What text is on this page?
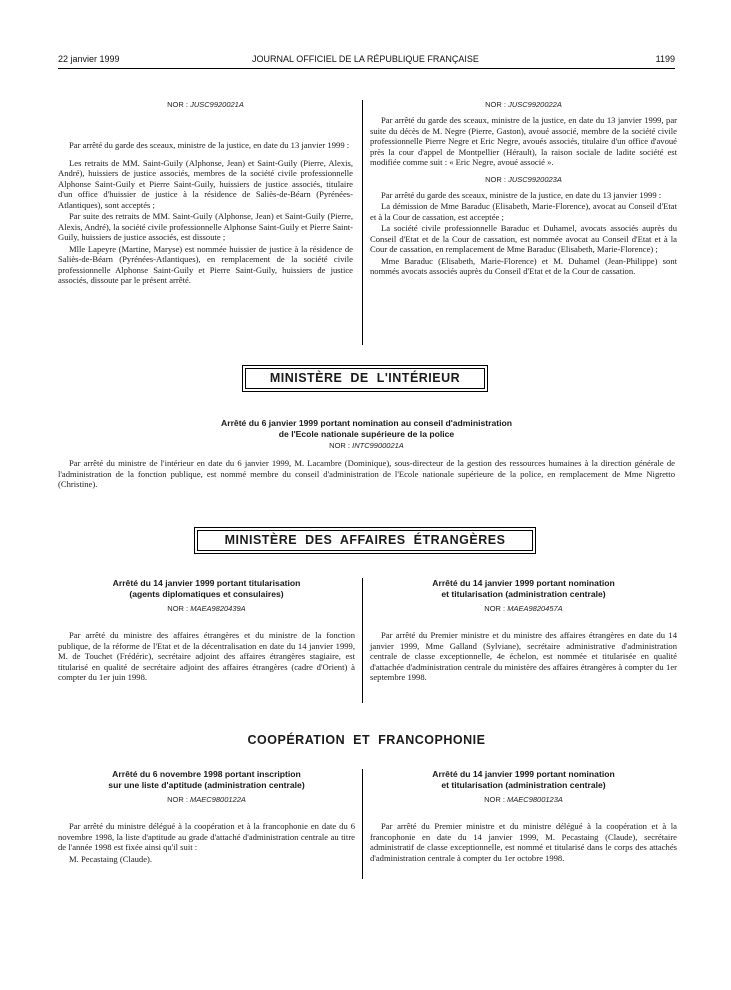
22 janvier 1999	JOURNAL OFFICIEL DE LA RÉPUBLIQUE FRANÇAISE	1199
NOR : JUSC9920021A

Par arrêté du garde des sceaux, ministre de la justice, en date du 13 janvier 1999 :

Les retraits de MM. Saint-Guily (Alphonse, Jean) et Saint-Guily (Pierre, Alexis, André), huissiers de justice associés, membres de la société civile professionnelle Alphonse Saint-Guily et Pierre Saint-Guily, huissiers de justice associés, titulaire d'un office d'huissier de justice à la résidence de Saliès-de-Béarn (Pyrénées-Atlantiques), sont acceptés ;

Par suite des retraits de MM. Saint-Guily (Alphonse, Jean) et Saint-Guily (Pierre, Alexis, André), la société civile professionnelle Alphonse Saint-Guily et Pierre Saint-Guily, huissiers de justice associés, est dissoute ;

Mlle Lapeyre (Martine, Maryse) est nommée huissier de justice à la résidence de Saliès-de-Béarn (Pyrénées-Atlantiques), en remplacement de la société civile professionnelle Alphonse Saint-Guily et Pierre Saint-Guily, huissiers de justice associés, dissoute par le présent arrêté.

NOR : JUSC9920022A

Par arrêté du garde des sceaux, ministre de la justice, en date du 13 janvier 1999, par suite du décès de M. Negre (Pierre, Gaston), avoué associé, membre de la société civile professionnelle Pierre Negre et Eric Negre, avoués associés, titulaire d'un office d'avoué près la cour d'appel de Montpellier (Hérault), la raison sociale de ladite société est modifiée comme suit : « Eric Negre, avoué associé ».

NOR : JUSC9920023A

Par arrêté du garde des sceaux, ministre de la justice, en date du 13 janvier 1999 :

La démission de Mme Baraduc (Elisabeth, Marie-Florence), avocat au Conseil d'Etat et à la Cour de cassation, est acceptée ;

La société civile professionnelle Baraduc et Duhamel, avocats associés auprès du Conseil d'Etat et de la Cour de cassation, est nommée avocat au Conseil d'Etat et à la Cour de cassation, en remplacement de Mme Baraduc (Elisabeth, Marie-Florence) ;

Mme Baraduc (Elisabeth, Marie-Florence) et M. Duhamel (Jean-Philippe) sont nommés avocats associés auprès du Conseil d'Etat et de la Cour de cassation.

MINISTÈRE DE L'INTÉRIEUR
Arrêté du 6 janvier 1999 portant nomination au conseil d'administration
de l'Ecole nationale supérieure de la police
NOR : INTC9900021A

Par arrêté du ministre de l'intérieur en date du 6 janvier 1999, M. Lacambre (Dominique), sous-directeur de la gestion des ressources humaines à la direction générale de l'administration de la fonction publique, est nommé membre du conseil d'administration de l'Ecole nationale supérieure de la police, en remplacement de Mme Nigretto (Christine).

MINISTÈRE DES AFFAIRES ÉTRANGÈRES
Arrêté du 14 janvier 1999 portant titularisation
(agents diplomatiques et consulaires)
NOR : MAEA9820439A

Par arrêté du ministre des affaires étrangères et du ministre de la fonction publique, de la réforme de l'Etat et de la décentralisation en date du 14 janvier 1999, M. de Touchet (Frédéric), secrétaire adjoint des affaires étrangères stagiaire, est titularisé en qualité de secrétaire adjoint des affaires étrangères (cadre d'Orient) à compter du 1er juin 1998.

Arrêté du 14 janvier 1999 portant nomination
et titularisation (administration centrale)
NOR : MAEA9820457A

Par arrêté du Premier ministre et du ministre des affaires étrangères en date du 14 janvier 1999, Mme Galland (Sylviane), secrétaire administrative d'administration centrale de classe exceptionnelle, 4e échelon, est nommée et titularisée en qualité d'attachée d'administration centrale du ministère des affaires étrangères à compter du 1er septembre 1998.

COOPÉRATION ET FRANCOPHONIE
Arrêté du 6 novembre 1998 portant inscription
sur une liste d'aptitude (administration centrale)
NOR : MAEC9800122A

Par arrêté du ministre délégué à la coopération et à la francophonie en date du 6 novembre 1998, la liste d'aptitude au grade d'attaché d'administration centrale au titre de l'année 1998 est fixée ainsi qu'il suit :

M. Pecastaing (Claude).

Arrêté du 14 janvier 1999 portant nomination
et titularisation (administration centrale)
NOR : MAEC9800123A

Par arrêté du Premier ministre et du ministre délégué à la coopération et à la francophonie en date du 14 janvier 1999, M. Pecastaing (Claude), secrétaire administratif de classe exceptionnelle, est nommé et titularisé dans le corps des attachés d'administration centrale à compter du 1er octobre 1998.
